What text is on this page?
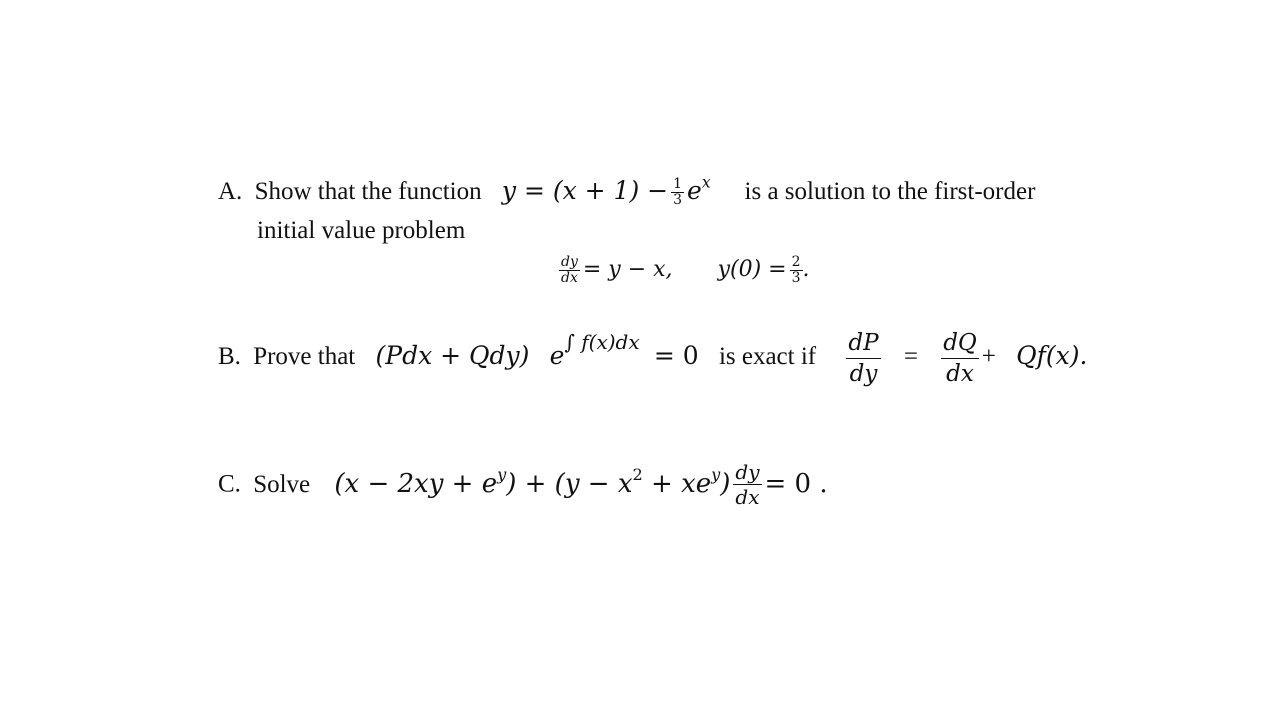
A. Show that the function $y = (x + 1) - \frac{1}{3} e^x$ is a solution to the first-order
initial value problem
$\frac{dy}{dx} = y - x$, $y(0) = \frac{2}{3}$ .
B. Prove that (Pdx + Qdy) $e^{\int f(x)dx} = 0$ is exact if $\frac{dP}{dy} = \frac{dQ}{dx} + Qf(x)$.
C. Solve $(x - 2xy + e^y) + (y - x^2 + xe^y) \frac{dy}{dx} = 0$ .
